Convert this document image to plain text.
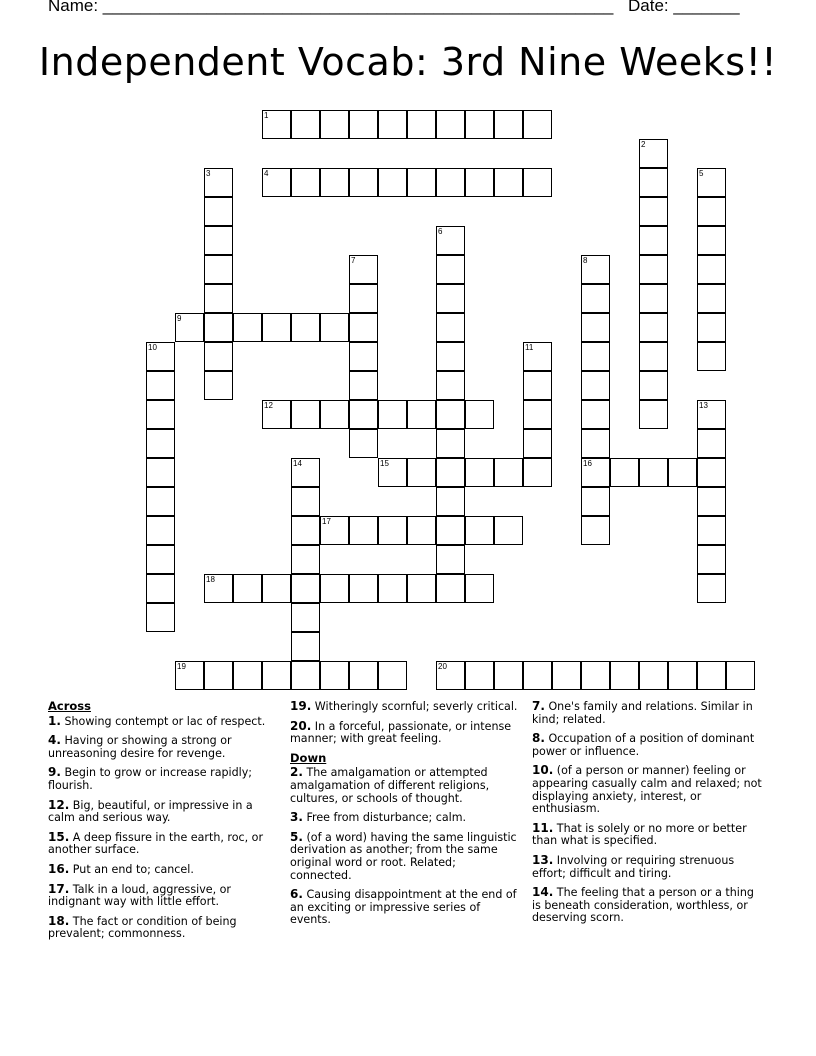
Name: ______________________________________________________ Date: _______
Independent Vocab: 3rd Nine Weeks!!
1
4
9
12
15	16
17
18
19	20
2
3	5
6
7	8
10	11
13
14
Across
1. Showing contempt or lac of respect.
4. Having or showing a strong or unreasoning desire for revenge.
9. Begin to grow or increase rapidly; flourish.
12. Big, beautiful, or impressive in a calm and serious way.
15. A deep fissure in the earth, roc, or another surface.
16. Put an end to; cancel.
17. Talk in a loud, aggressive, or indignant way with little effort.
18. The fact or condition of being prevalent; commonness.
19. Witheringly scornful; severly critical.
20. In a forceful, passionate, or intense manner; with great feeling.
Down
2. The amalgamation or attempted amalgamation of different religions, cultures, or schools of thought.
3. Free from disturbance; calm.
5. (of a word) having the same linguistic derivation as another; from the same original word or root. Related; connected.
6. Causing disappointment at the end of an exciting or impressive series of events.
7. One's family and relations. Similar in kind; related.
8. Occupation of a position of dominant power or influence.
10. (of a person or manner) feeling or appearing casually calm and relaxed; not displaying anxiety, interest, or enthusiasm.
11. That is solely or no more or better than what is specified.
13. Involving or requiring strenuous effort; difficult and tiring.
14. The feeling that a person or a thing is beneath consideration, worthless, or deserving scorn.
